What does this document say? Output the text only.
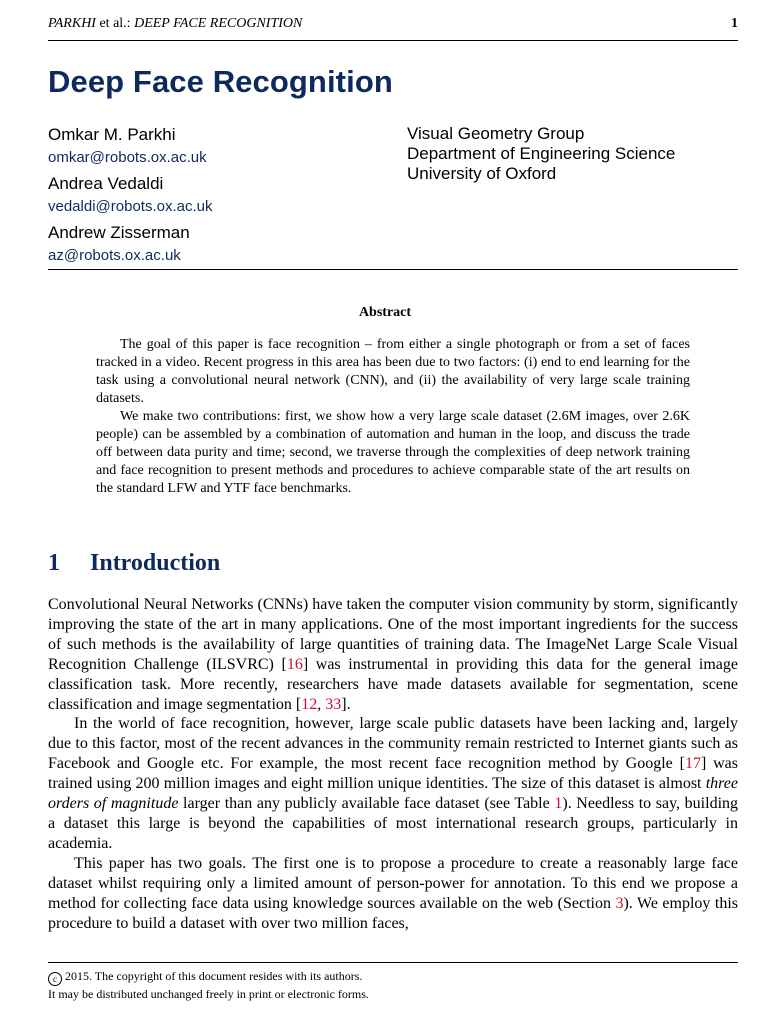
PARKHI et al.: DEEP FACE RECOGNITION	1
Deep Face Recognition
Omkar M. Parkhi
omkar@robots.ox.ac.uk
Andrea Vedaldi
vedaldi@robots.ox.ac.uk
Andrew Zisserman
az@robots.ox.ac.uk
Visual Geometry Group
Department of Engineering Science
University of Oxford
Abstract

The goal of this paper is face recognition – from either a single photograph or from a set of faces tracked in a video. Recent progress in this area has been due to two factors: (i) end to end learning for the task using a convolutional neural network (CNN), and (ii) the availability of very large scale training datasets.

We make two contributions: first, we show how a very large scale dataset (2.6M images, over 2.6K people) can be assembled by a combination of automation and human in the loop, and discuss the trade off between data purity and time; second, we traverse through the complexities of deep network training and face recognition to present methods and procedures to achieve comparable state of the art results on the standard LFW and YTF face benchmarks.

1 Introduction

Convolutional Neural Networks (CNNs) have taken the computer vision community by storm, significantly improving the state of the art in many applications. One of the most important ingredients for the success of such methods is the availability of large quantities of training data. The ImageNet Large Scale Visual Recognition Challenge (ILSVRC) [16] was instrumental in providing this data for the general image classification task. More recently, researchers have made datasets available for segmentation, scene classification and image segmentation [12, 33].

In the world of face recognition, however, large scale public datasets have been lacking and, largely due to this factor, most of the recent advances in the community remain restricted to Internet giants such as Facebook and Google etc. For example, the most recent face recognition method by Google [17] was trained using 200 million images and eight million unique identities. The size of this dataset is almost three orders of magnitude larger than any publicly available face dataset (see Table 1). Needless to say, building a dataset this large is beyond the capabilities of most international research groups, particularly in academia.

This paper has two goals. The first one is to propose a procedure to create a reasonably large face dataset whilst requiring only a limited amount of person-power for annotation. To this end we propose a method for collecting face data using knowledge sources available on the web (Section 3). We employ this procedure to build a dataset with over two million faces,

c 2015. The copyright of this document resides with its authors.
It may be distributed unchanged freely in print or electronic forms.
